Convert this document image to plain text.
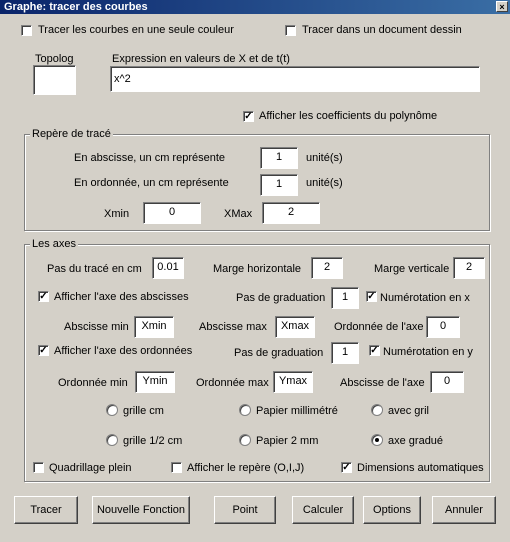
Graphe: tracer des courbes	×
Tracer les courbes en une seule couleur	Tracer dans un document dessin
Topolog	Expression en valeurs de X et de t(t)
x^2
✓ Afficher les coefficients du polynôme
Repère de tracé
En abscisse, un cm représente	1	unité(s)
En ordonnée, un cm représente	1	unité(s)
Xmin	0	XMax	2
Les axes
Pas du tracé en cm	0.01	Marge horizontale	2	Marge verticale	2
✓ Afficher l'axe des abscisses	Pas de graduation	1	✓ Numérotation en x
Abscisse min	Xmin	Abscisse max	Xmax	Ordonnée de l'axe	0
✓ Afficher l'axe des ordonnées	Pas de graduation	1	✓ Numérotation en y
Ordonnée min	Ymin	Ordonnée max Ymax	Abscisse de l'axe	0
grille cm	Papier millimétré	avec gril
grille 1/2 cm	Papier 2 mm	axe gradué
Quadrillage plein	Afficher le repère (O,I,J)	✓ Dimensions automatiques
Tracer	Nouvelle Fonction	Point	Calculer	Options	Annuler
